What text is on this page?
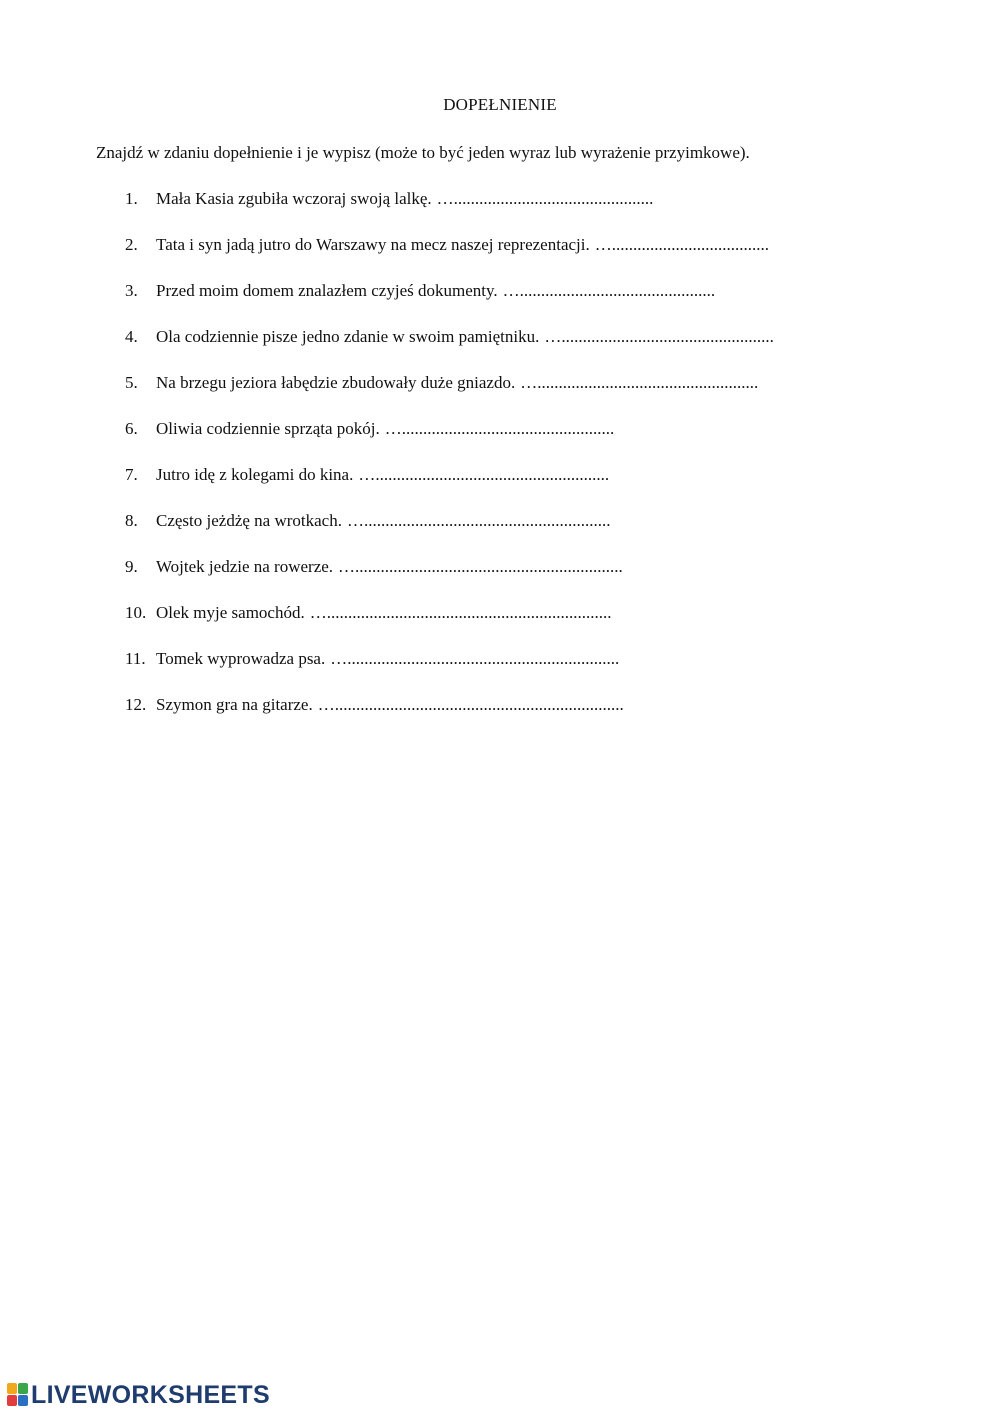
DOPEŁNIENIE
Znajdź w zdaniu dopełnienie i je wypisz (może to być jeden wyraz lub wyrażenie przyimkowe).
1. Mała Kasia zgubiła wczoraj swoją lalkę. …...............................................
2. Tata i syn jadą jutro do Warszawy na mecz naszej reprezentacji. ….....................................
3. Przed moim domem znalazłem czyjeś dokumenty. …..............................................
4. Ola codziennie pisze jedno zdanie w swoim pamiętniku. …..................................................
5. Na brzegu jeziora łabędzie zbudowały duże gniazdo. …....................................................
6. Oliwia codziennie sprząta pokój. …..................................................
7. Jutro idę z kolegami do kina. ….......................................................
8. Często jeżdżę na wrotkach. …..........................................................
9. Wojtek jedzie na rowerze. …...............................................................
10. Olek myje samochód. …...................................................................
11. Tomek wyprowadza psa. …................................................................
12. Szymon gra na gitarze. …....................................................................
LIVEWORKSHEETS
